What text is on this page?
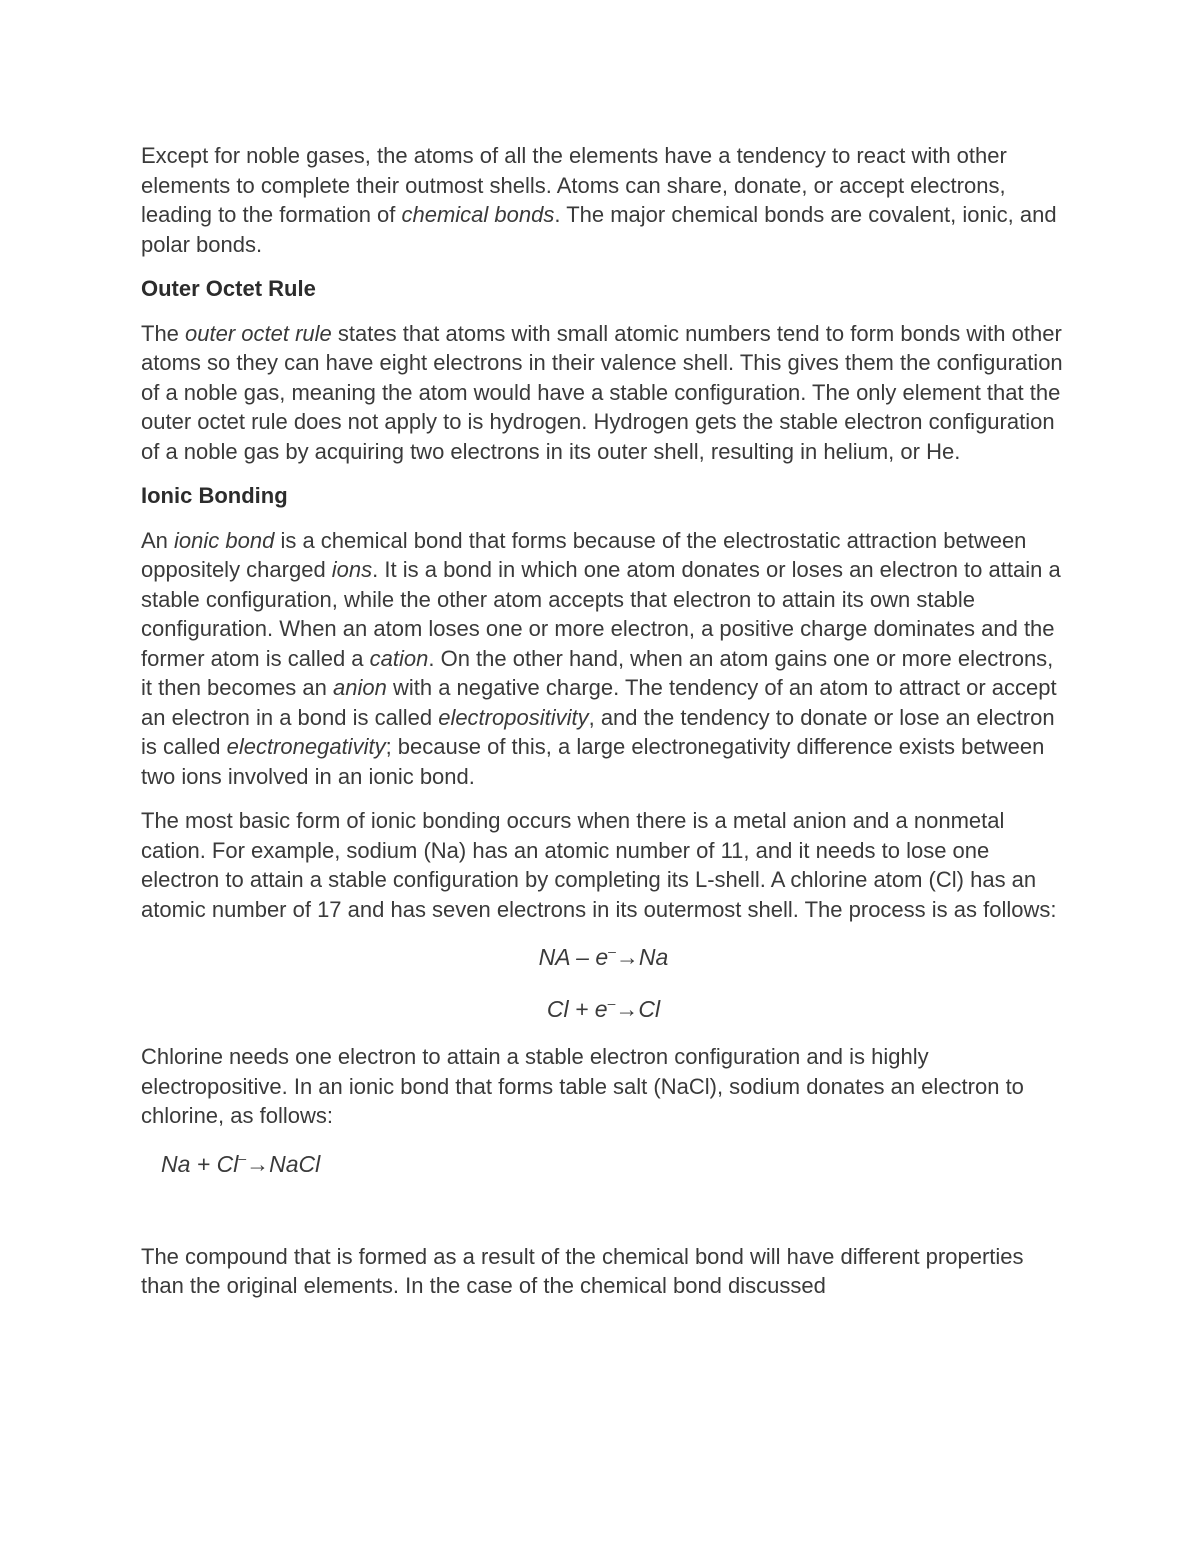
Except for noble gases, the atoms of all the elements have a tendency to react with other elements to complete their outmost shells. Atoms can share, donate, or accept electrons, leading to the formation of chemical bonds. The major chemical bonds are covalent, ionic, and polar bonds.

Outer Octet Rule

The outer octet rule states that atoms with small atomic numbers tend to form bonds with other atoms so they can have eight electrons in their valence shell. This gives them the configuration of a noble gas, meaning the atom would have a stable configuration. The only element that the outer octet rule does not apply to is hydrogen. Hydrogen gets the stable electron configuration of a noble gas by acquiring two electrons in its outer shell, resulting in helium, or He.

Ionic Bonding

An ionic bond is a chemical bond that forms because of the electrostatic attraction between oppositely charged ions. It is a bond in which one atom donates or loses an electron to attain a stable configuration, while the other atom accepts that electron to attain its own stable configuration. When an atom loses one or more electron, a positive charge dominates and the former atom is called a cation. On the other hand, when an atom gains one or more electrons, it then becomes an anion with a negative charge. The tendency of an atom to attract or accept an electron in a bond is called electropositivity, and the tendency to donate or lose an electron is called electronegativity; because of this, a large electronegativity difference exists between two ions involved in an ionic bond.

The most basic form of ionic bonding occurs when there is a metal anion and a nonmetal cation. For example, sodium (Na) has an atomic number of 11, and it needs to lose one electron to attain a stable configuration by completing its L-shell. A chlorine atom (Cl) has an atomic number of 17 and has seven electrons in its outermost shell. The process is as follows:

NA – e–→Na
Cl + e–→Cl

Chlorine needs one electron to attain a stable electron configuration and is highly electropositive. In an ionic bond that forms table salt (NaCl), sodium donates an electron to chlorine, as follows:

Na + Cl–→NaCl

The compound that is formed as a result of the chemical bond will have different properties than the original elements. In the case of the chemical bond discussed
